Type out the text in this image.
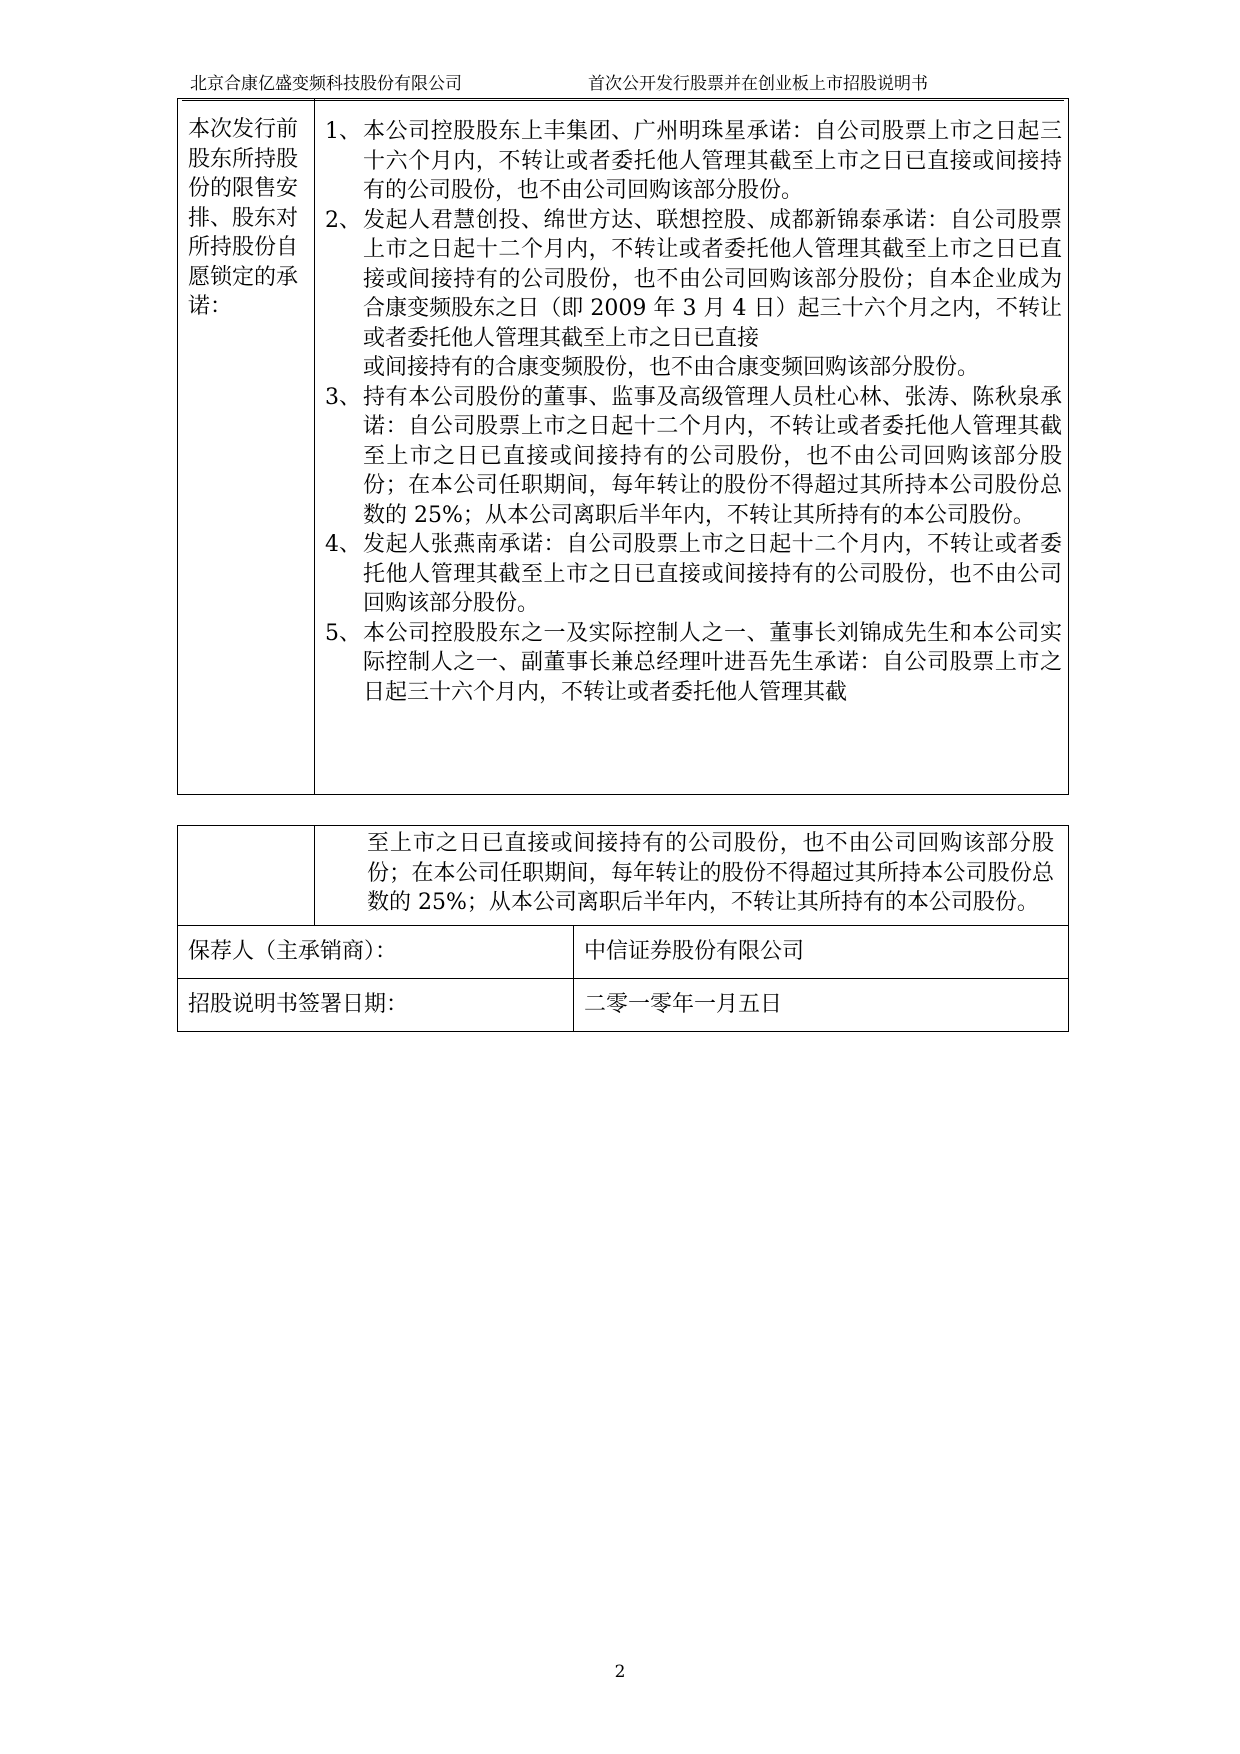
北京合康亿盛变频科技股份有限公司	首次公开发行股票并在创业板上市招股说明书
本次发行前股东所持股份的限售安排、股东对所持股份自愿锁定的承诺：	
1、 本公司控股股东上丰集团、广州明珠星承诺：自公司股票上市之日起三十六个月内，不转让或者委托他人管理其截至上市之日已直接或间接持有的公司股份，也不由公司回购该部分股份。
2、 发起人君慧创投、绵世方达、联想控股、成都新锦泰承诺：自公司股票上市之日起十二个月内，不转让或者委托他人管理其截至上市之日已直接或间接持有的公司股份，也不由公司回购该部分股份；自本企业成为合康变频股东之日（即 2009 年 3 月 4 日）起三十六个月之内，不转让或者委托他人管理其截至上市之日已直接
或间接持有的合康变频股份，也不由合康变频回购该部分股份。
3、 持有本公司股份的董事、监事及高级管理人员杜心林、张涛、陈秋泉承诺：自公司股票上市之日起十二个月内，不转让或者委托他人管理其截至上市之日已直接或间接持有的公司股份，也不由公司回购该部分股份；在本公司任职期间，每年转让的股份不得超过其所持本公司股份总数的 25%；从本公司离职后半年内，不转让其所持有的本公司股份。
4、 发起人张燕南承诺：自公司股票上市之日起十二个月内，不转让或者委托他人管理其截至上市之日已直接或间接持有的公司股份，也不由公司回购该部分股份。
5、 本公司控股股东之一及实际控制人之一、董事长刘锦成先生和本公司实际控制人之一、副董事长兼总经理叶进吾先生承诺：自公司股票上市之日起三十六个月内，不转让或者委托他人管理其截
	至上市之日已直接或间接持有的公司股份，也不由公司回购该部分股份；在本公司任职期间，每年转让的股份不得超过其所持本公司股份总数的 25%；从本公司离职后半年内，不转让其所持有的本公司股份。	
保荐人（主承销商）：		中信证券股份有限公司
招股说明书签署日期：		二零一零年一月五日
2
